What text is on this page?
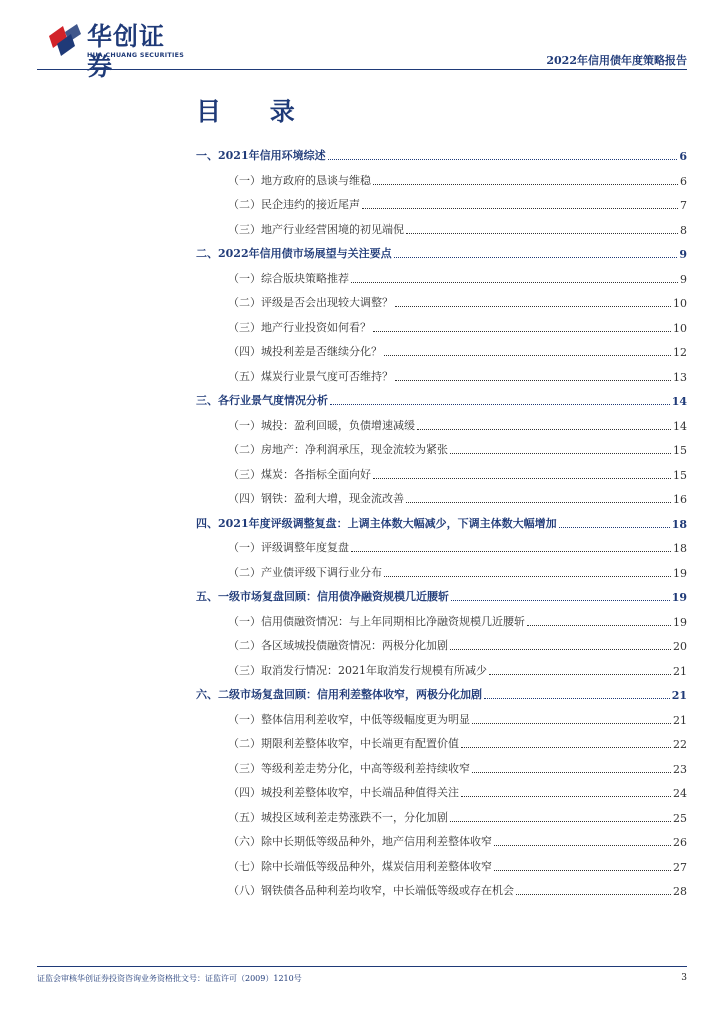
华创证券
HUA CHUANG SECURITIES	2022年信用债年度策略报告
目 录
一、2021年信用环境综述	6
（一）地方政府的恳谈与维稳	6
（二）民企违约的接近尾声	7
（三）地产行业经营困境的初见端倪	8
二、2022年信用债市场展望与关注要点	9
（一）综合版块策略推荐	9
（二）评级是否会出现较大调整？	10
（三）地产行业投资如何看？	10
（四）城投利差是否继续分化？	12
（五）煤炭行业景气度可否维持？	13
三、各行业景气度情况分析	14
（一）城投：盈利回暖，负债增速减缓	14
（二）房地产：净利润承压，现金流较为紧张	15
（三）煤炭：各指标全面向好	15
（四）钢铁：盈利大增，现金流改善	16
四、2021年度评级调整复盘：上调主体数大幅减少，下调主体数大幅增加	18
（一）评级调整年度复盘	18
（二）产业债评级下调行业分布	19
五、一级市场复盘回顾：信用债净融资规模几近腰斩	19
（一）信用债融资情况：与上年同期相比净融资规模几近腰斩	19
（二）各区域城投债融资情况：两极分化加剧	20
（三）取消发行情况：2021年取消发行规模有所减少	21
六、二级市场复盘回顾：信用利差整体收窄，两极分化加剧	21
（一）整体信用利差收窄，中低等级幅度更为明显	21
（二）期限利差整体收窄，中长端更有配置价值	22
（三）等级利差走势分化，中高等级利差持续收窄	23
（四）城投利差整体收窄，中长端品种值得关注	24
（五）城投区域利差走势涨跌不一，分化加剧	25
（六）除中长期低等级品种外，地产信用利差整体收窄	26
（七）除中长端低等级品种外，煤炭信用利差整体收窄	27
（八）钢铁债各品种利差均收窄，中长端低等级或存在机会	28
证监会审核华创证券投资咨询业务资格批文号：证监许可（2009）1210号	3
